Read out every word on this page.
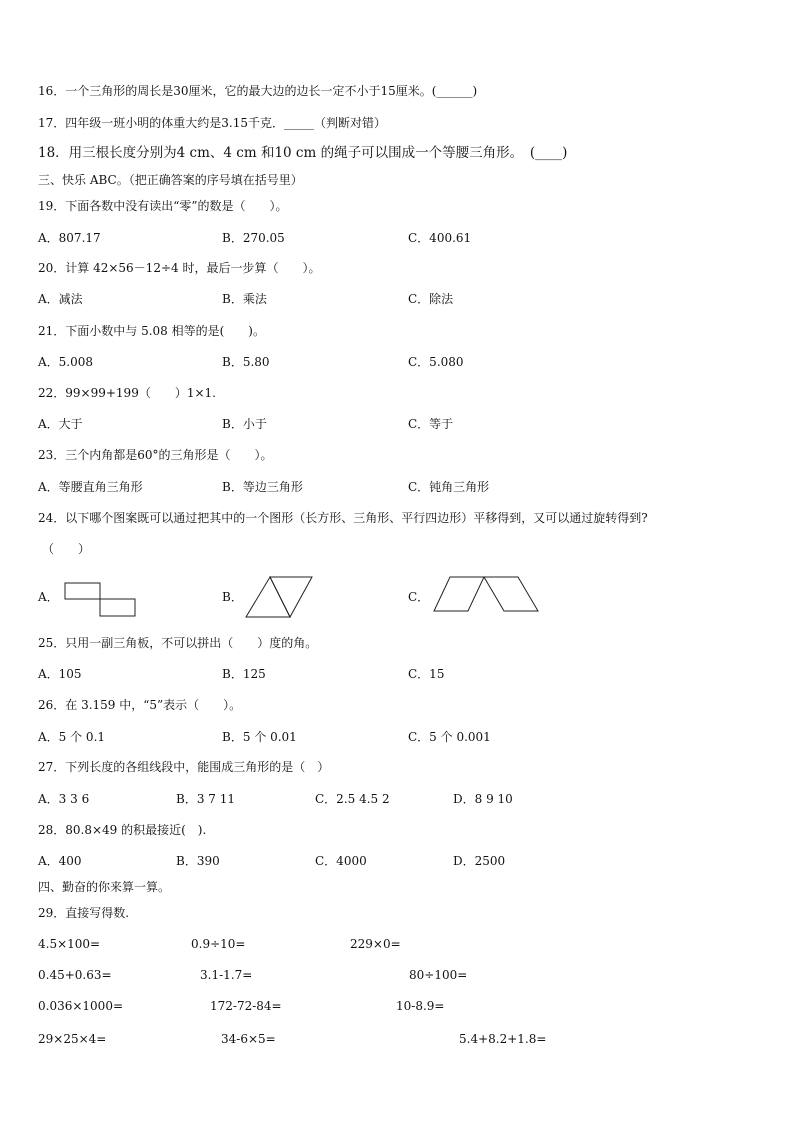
16．一个三角形的周长是30厘米，它的最大边的边长一定不小于15厘米。(______)
17．四年级一班小明的体重大约是3.15千克．_____（判断对错）
18．用三根长度分别为4 cm、4 cm 和10 cm 的绳子可以围成一个等腰三角形。　(____)
三、快乐 ABC。（把正确答案的序号填在括号里）
19．下面各数中没有读出“零”的数是（　　）。
A．807.17	B．270.05	C．400.61
20．计算 42×56－12÷4 时，最后一步算（　　）。
A．减法	B．乘法	C．除法
21．下面小数中与 5.08 相等的是(　　)。
A．5.008	B．5.80	C．5.080
22．99×99+199（　　）1×1.
A．大于	B．小于	C．等于
23．三个内角都是60°的三角形是（　　）。
A．等腰直角三角形	B．等边三角形	C．钝角三角形
24．以下哪个图案既可以通过把其中的一个图形（长方形、三角形、平行四边形）平移得到，又可以通过旋转得到?
（　　）
A．	B．	C．
25．只用一副三角板，不可以拼出（　　）度的角。
A．105	B．125	C．15
26．在 3.159 中，“5”表示（　　）。
A．5 个 0.1	B．5 个 0.01	C．5 个 0.001
27．下列长度的各组线段中，能围成三角形的是（　）
A．3 3 6	B．3 7 11	C．2.5 4.5 2	D．8 9 10
28．80.8×49 的积最接近(　).
A．400	B．390	C．4000	D．2500
四、勤奋的你来算一算。
29．直接写得数.
4.5×100=	0.9÷10=	229×0=
0.45+0.63=	3.1-1.7=	80÷100=
0.036×1000=	172-72-84=	10-8.9=
29×25×4=	34-6×5=	5.4+8.2+1.8=
